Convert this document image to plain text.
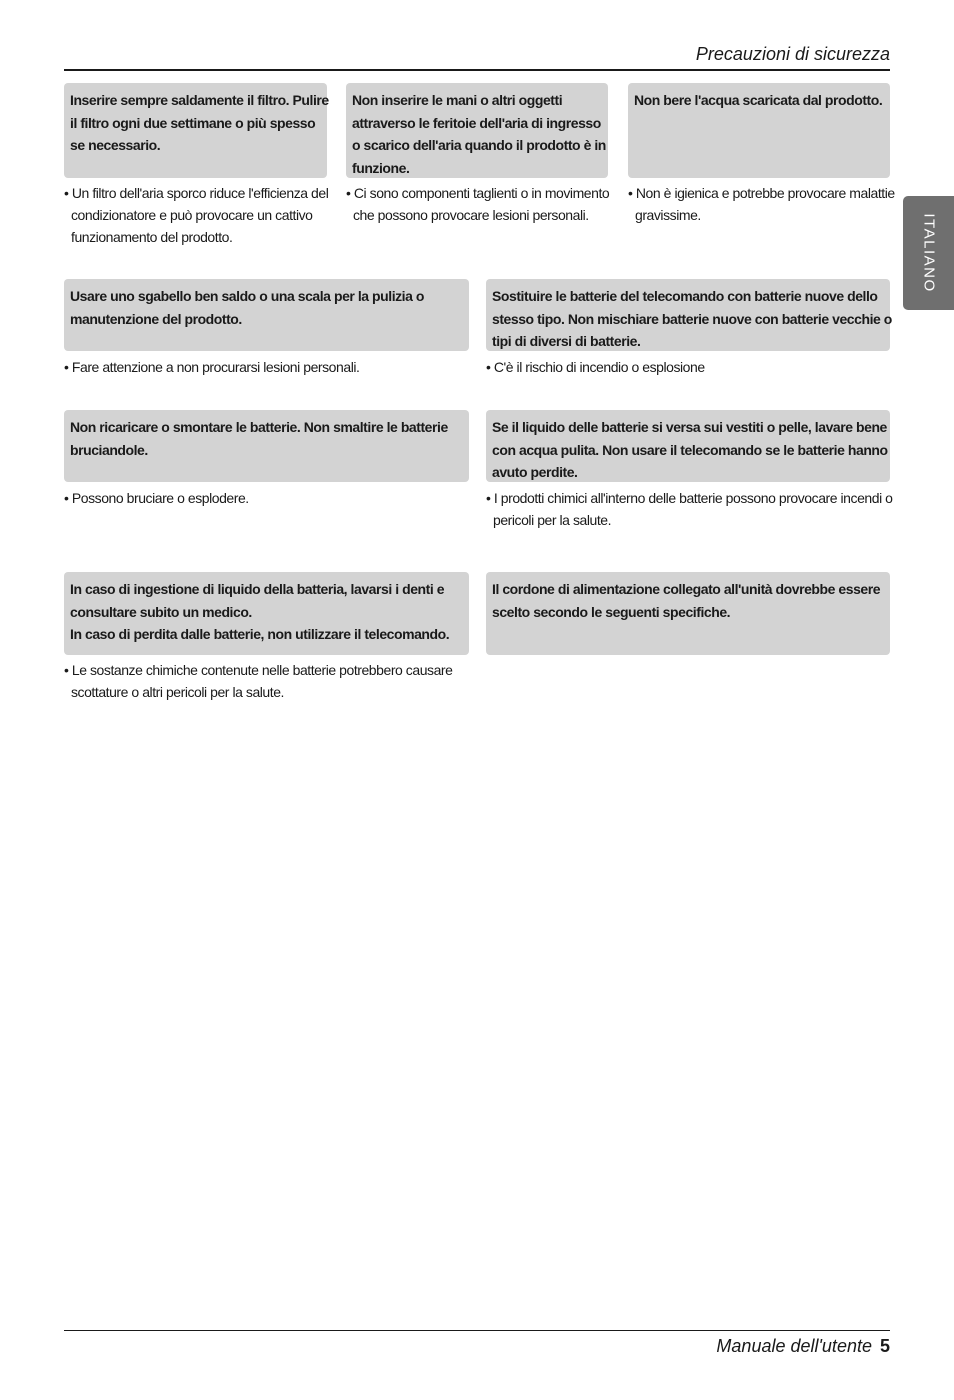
Precauzioni di sicurezza
ITALIANO
Inserire sempre saldamente il filtro. Pulire
il filtro ogni due settimane o più spesso
se necessario.
• Un filtro dell'aria sporco riduce l'efficienza del
condizionatore e può provocare un cattivo
funzionamento del prodotto.
Non inserire le mani o altri oggetti
attraverso le feritoie dell'aria di ingresso
o scarico dell'aria quando il prodotto è in
funzione.
• Ci sono componenti taglienti o in movimento
che possono provocare lesioni personali.
Non bere l'acqua scaricata dal prodotto.
• Non è igienica e potrebbe provocare malattie
gravissime.
Usare uno sgabello ben saldo o una scala per la pulizia o
manutenzione del prodotto.
• Fare attenzione a non procurarsi lesioni personali.
Sostituire le batterie del telecomando con batterie nuove dello
stesso tipo. Non mischiare batterie nuove con batterie vecchie o
tipi di diversi di batterie.
• C'è il rischio di incendio o esplosione
Non ricaricare o smontare le batterie. Non smaltire le batterie
bruciandole.
• Possono bruciare o esplodere.
Se il liquido delle batterie si versa sui vestiti o pelle, lavare bene
con acqua pulita. Non usare il telecomando se le batterie hanno
avuto perdite.
• I prodotti chimici all'interno delle batterie possono provocare incendi o
pericoli per la salute.
In caso di ingestione di liquido della batteria, lavarsi i denti e
consultare subito un medico.
In caso di perdita dalle batterie, non utilizzare il telecomando.
• Le sostanze chimiche contenute nelle batterie potrebbero causare
scottature o altri pericoli per la salute.
Il cordone di alimentazione collegato all'unità dovrebbe essere
scelto secondo le seguenti specifiche.
Manuale dell'utente 5
